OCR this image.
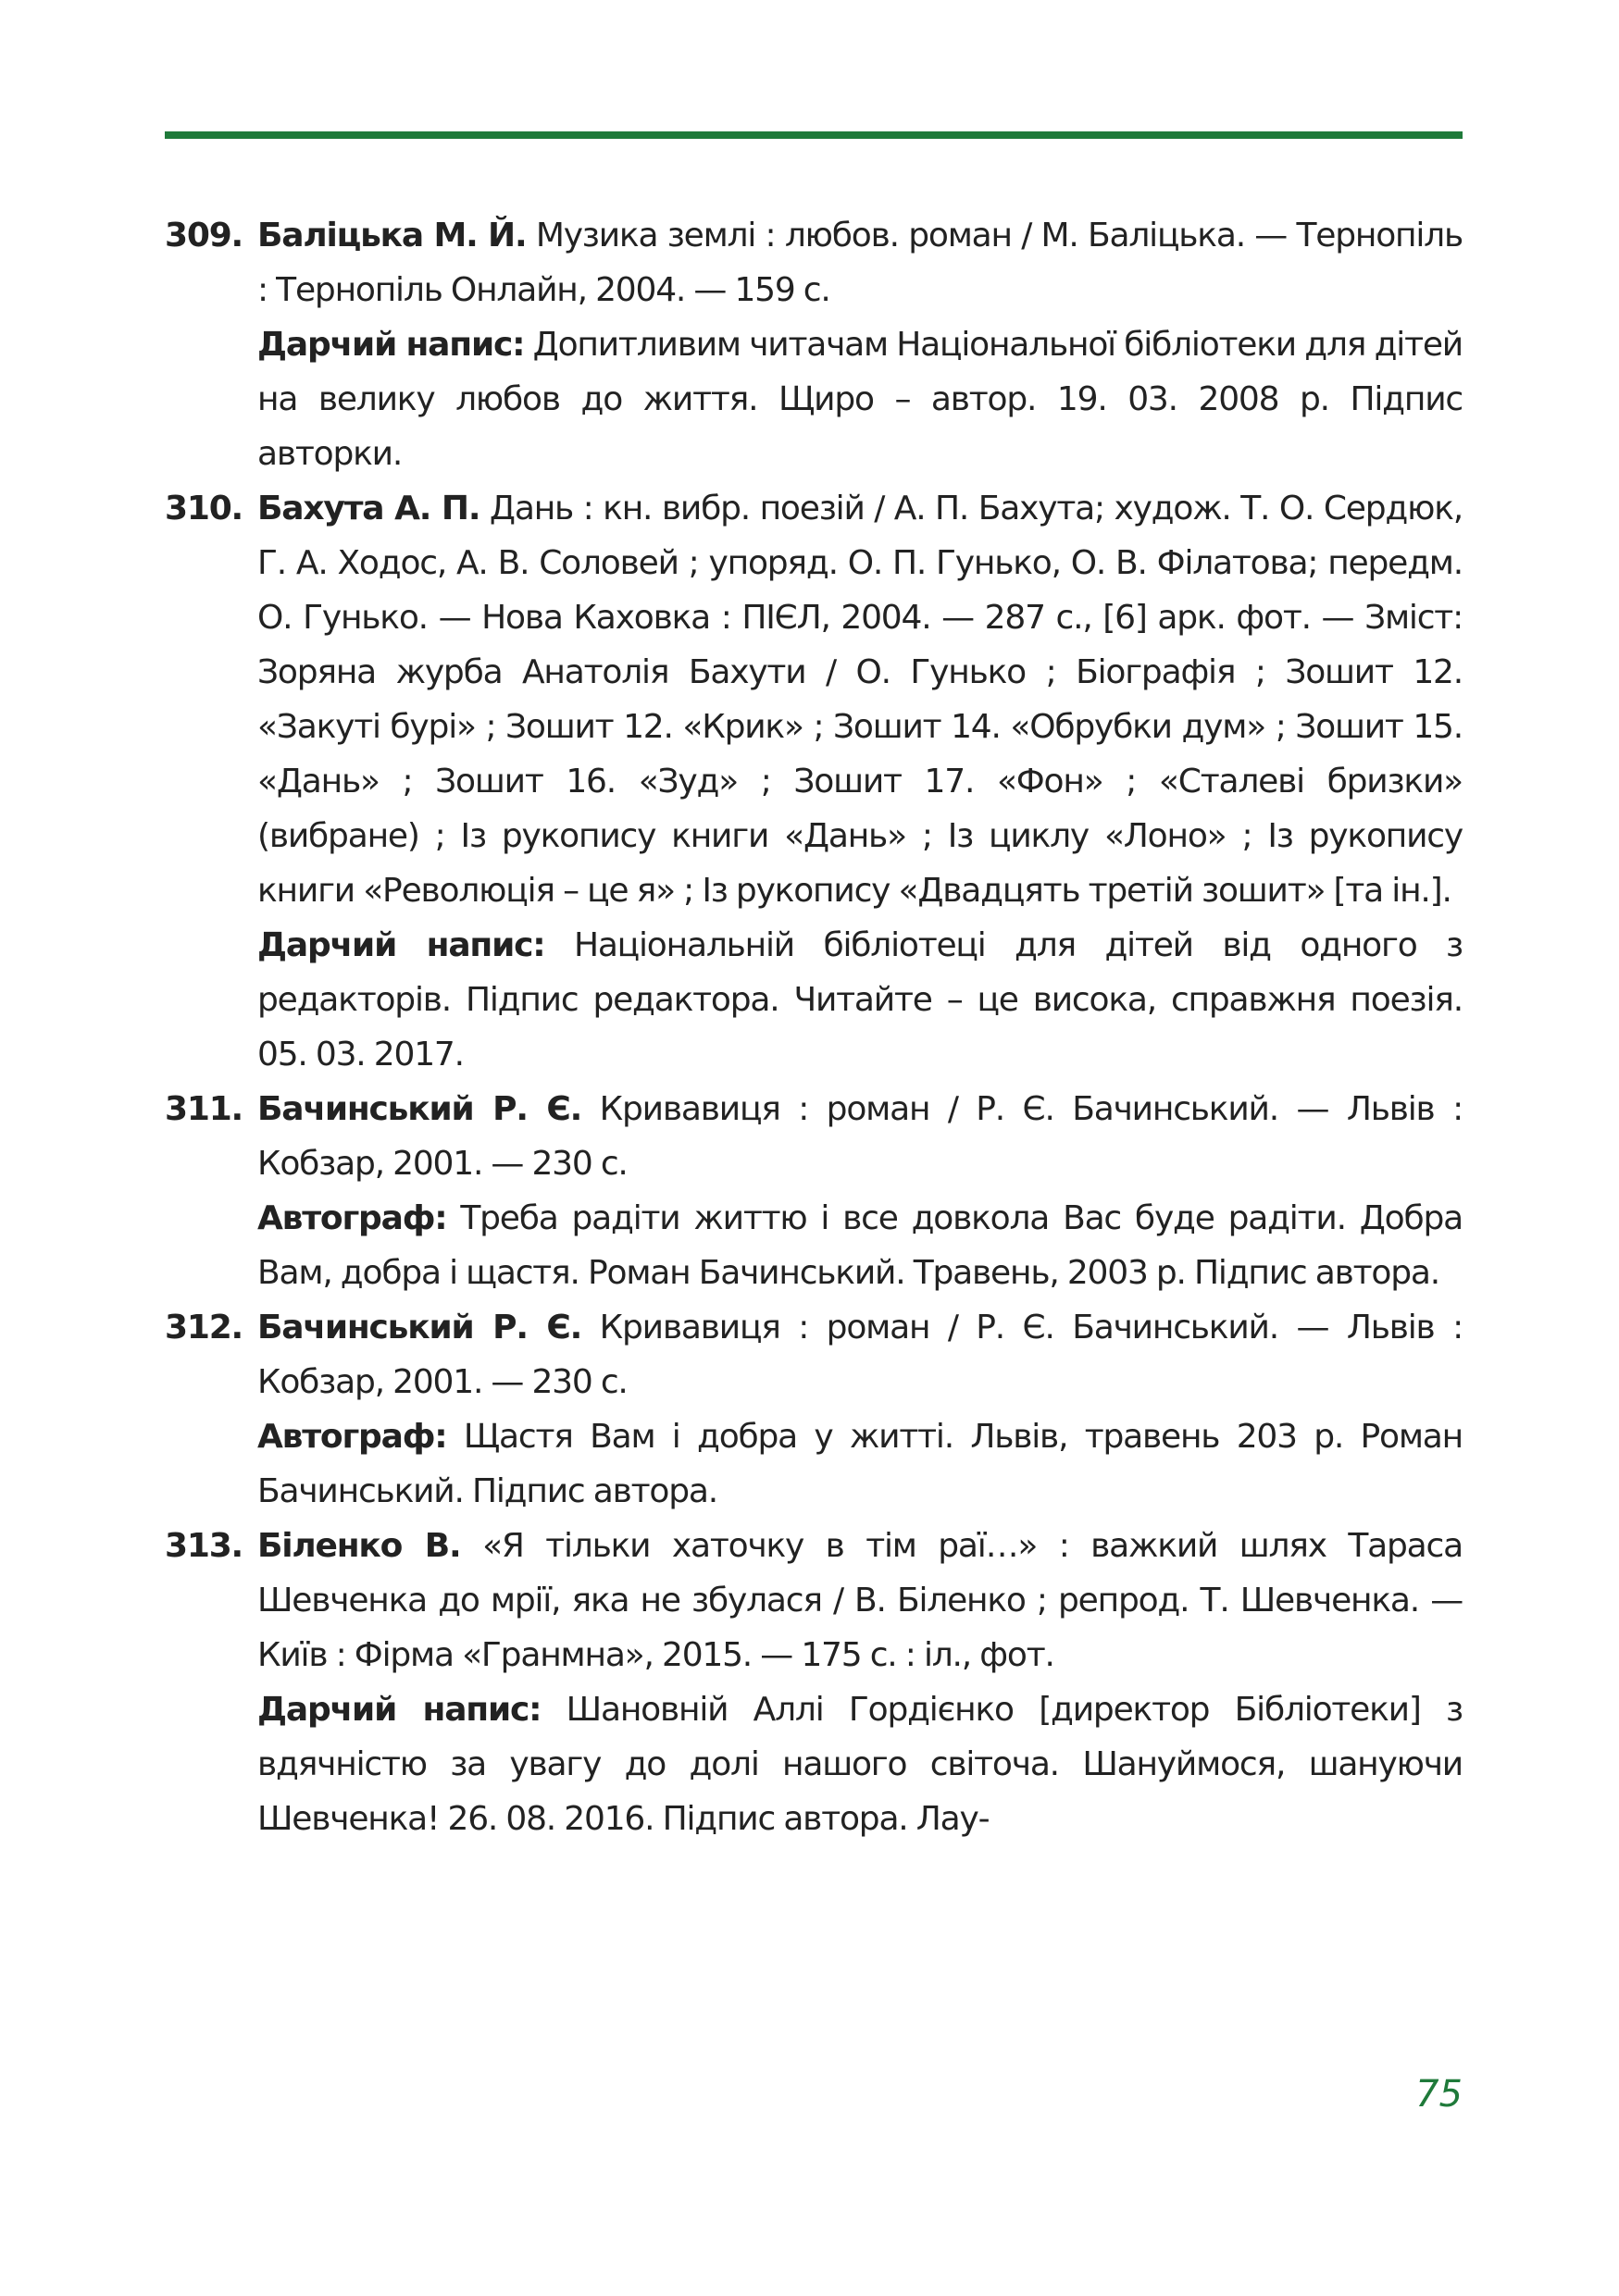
309. Баліцька М. Й. Музика землі : любов. роман / М. Баліцька. — Тернопіль : Тернопіль Онлайн, 2004. — 159 с.

Дарчий напис: Допитливим читачам Національної бібліотеки для дітей на велику любов до життя. Щиро – автор. 19. 03. 2008 р. Підпис авторки.

310. Бахута А. П. Дань : кн. вибр. поезій / А. П. Бахута; худож. Т. О. Сердюк, Г. А. Ходос, А. В. Соловей ; упоряд. О. П. Гунько, О. В. Філатова; передм. О. Гунько. — Нова Каховка : ПІЄЛ, 2004. — 287 с., [6] арк. фот. — Зміст: Зоряна журба Анатолія Бахути / О. Гунько ; Біографія ; Зошит 12. «Закуті бурі» ; Зошит 12. «Крик» ; Зошит 14. «Обрубки дум» ; Зошит 15. «Дань» ; Зошит 16. «Зуд» ; Зошит 17. «Фон» ; «Сталеві бризки» (вибране) ; Із рукопису книги «Дань» ; Із циклу «Лоно» ; Із рукопису книги «Революція – це я» ; Із рукопису «Двадцять третій зошит» [та ін.].

Дарчий напис: Національній бібліотеці для дітей від одного з редакторів. Підпис редактора. Читайте – це висока, справжня поезія. 05. 03. 2017.

311. Бачинський Р. Є. Кривавиця : роман / Р. Є. Бачинський. — Львів : Кобзар, 2001. — 230 с.

Автограф: Треба радіти життю і все довкола Вас буде радіти. Добра Вам, добра і щастя. Роман Бачинський. Травень, 2003 р. Підпис автора.

312. Бачинський Р. Є. Кривавиця : роман / Р. Є. Бачинський. — Львів : Кобзар, 2001. — 230 с.

Автограф: Щастя Вам і добра у житті. Львів, травень 203 р. Роман Бачинський. Підпис автора.

313. Біленко В. «Я тільки хаточку в тім раї…» : важкий шлях Тараса Шевченка до мрії, яка не збулася / В. Біленко ; репрод. Т. Шевченка. — Київ : Фірма «Гранмна», 2015. — 175 с. : іл., фот.

Дарчий напис: Шановній Аллі Гордієнко [директор Бібліотеки] з вдячністю за увагу до долі нашого світоча. Шануймося, шануючи Шевченка! 26. 08. 2016. Підпис автора. Лау-

75
